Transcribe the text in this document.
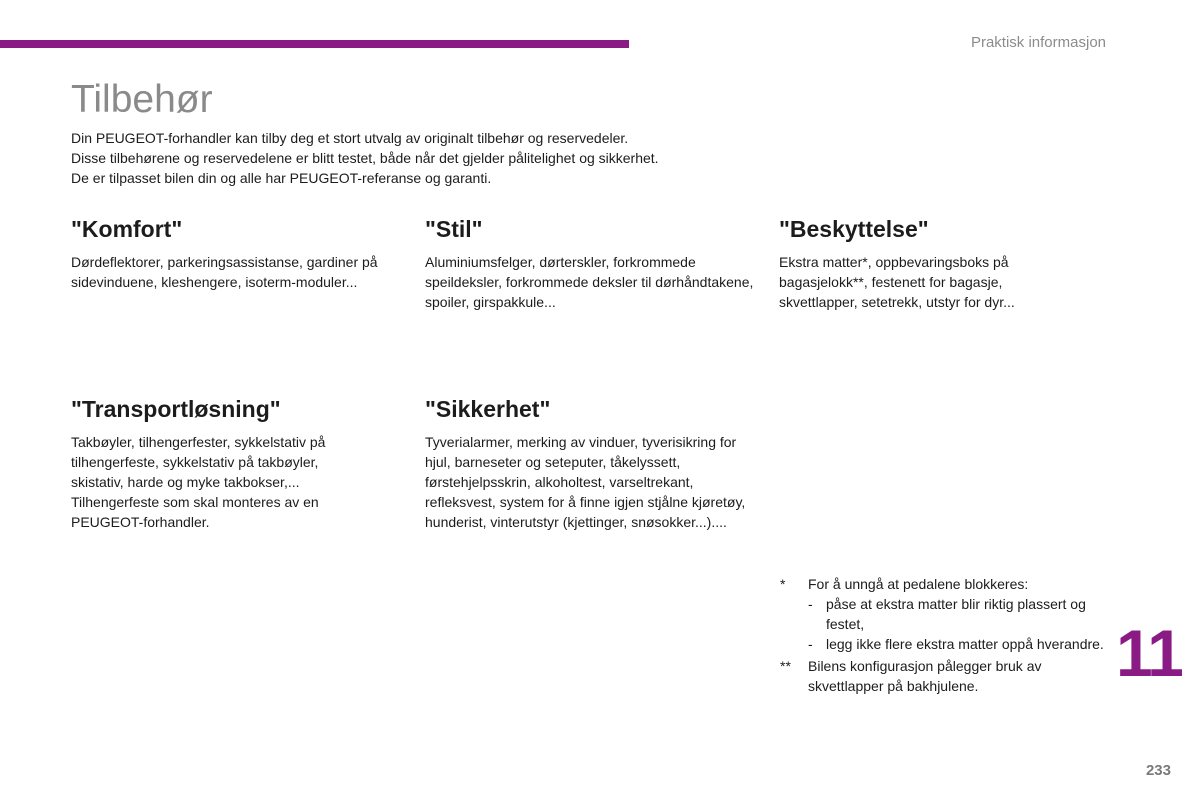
Praktisk informasjon
Tilbehør
Din PEUGEOT-forhandler kan tilby deg et stort utvalg av originalt tilbehør og reservedeler.
Disse tilbehørene og reservedelene er blitt testet, både når det gjelder pålitelighet og sikkerhet.
De er tilpasset bilen din og alle har PEUGEOT-referanse og garanti.
"Komfort"

Dørdeflektorer, parkeringsassistanse, gardiner på sidevinduene, kleshengere, isoterm-moduler...

"Stil"

Aluminiumsfelger, dørterskler, forkrommede speildeksler, forkrommede deksler til dørhåndtakene, spoiler, girspakkule...

"Beskyttelse"

Ekstra matter*, oppbevaringsboks på bagasjelokk**, festenett for bagasje, skvettlapper, setetrekk, utstyr for dyr...

"Transportløsning"

Takbøyler, tilhengerfester, sykkelstativ på tilhengerfeste, sykkelstativ på takbøyler, skistativ, harde og myke takbokser,... Tilhengerfeste som skal monteres av en PEUGEOT-forhandler.

"Sikkerhet"

Tyverialarmer, merking av vinduer, tyverisikring for hjul, barneseter og seteputer, tåkelyssett, førstehjelpsskrin, alkoholtest, varseltrekant, refleksvest, system for å finne igjen stjålne kjøretøy, hunderist, vinterutstyr (kjettinger, snøsokker...)....

*	For å unngå at pedalene blokkeres:
- påse at ekstra matter blir riktig plassert og festet,
- legg ikke flere ekstra matter oppå hverandre.
**	Bilens konfigurasjon pålegger bruk av skvettlapper på bakhjulene.	11
233
